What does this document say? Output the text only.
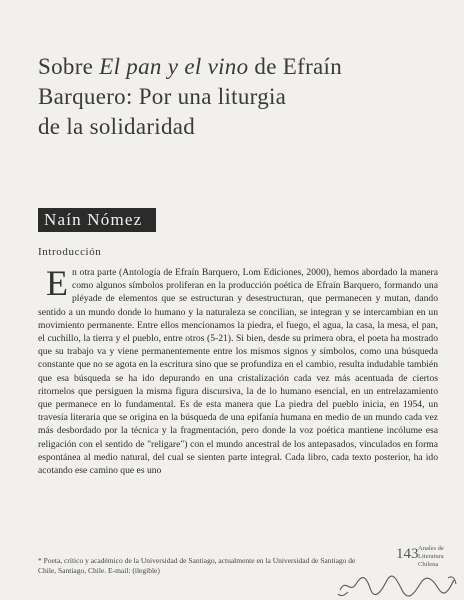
Sobre El pan y el vino de Efraín
Barquero: Por una liturgia
de la solidaridad
Naín Nómez
Introducción
En otra parte (Antología de Efraín Barquero, Lom Ediciones, 2000), hemos abordado la manera como algunos símbolos proliferan en la producción poética de Efraín Barquero, formando una pléyade de elementos que se estructuran y desestructuran, que permanecen y mutan, dando sentido a un mundo donde lo humano y la naturaleza se concilian, se integran y se intercambian en un movimiento permanente. Entre ellos mencionamos la piedra, el fuego, el agua, la casa, la mesa, el pan, el cuchillo, la tierra y el pueblo, entre otros (5-21). Si bien, desde su primera obra, el poeta ha mostrado que su trabajo va y viene permanentemente entre los mismos signos y símbolos, como una búsqueda constante que no se agota en la escritura sino que se profundiza en el cambio, resulta indudable también que esa búsqueda se ha ido depurando en una cristalización cada vez más acentuada de ciertos ritornelos que persiguen la misma figura discursiva, la de lo humano esencial, en un entrelazamiento que permanece en lo fundamental. Es de esta manera que La piedra del pueblo inicia, en 1954, un travesía literaria que se origina en la búsqueda de una epifanía humana en medio de un mundo cada vez más desbordado por la técnica y la fragmentación, pero donde la voz poética mantiene incólume esa religación con el sentido de "religare") con el mundo ancestral de los antepasados, vinculados en forma espontánea al medio natural, del cual se sienten parte integral. Cada libro, cada texto posterior, ha ido acotando ese camino que es uno
* Poeta, crítico y académico de la Universidad de Santiago, actualmente en la Universidad de Santiago de Chile, Santiago, Chile. E-mail: (ilegible)
143 Anales de
Literatura
Chilena
